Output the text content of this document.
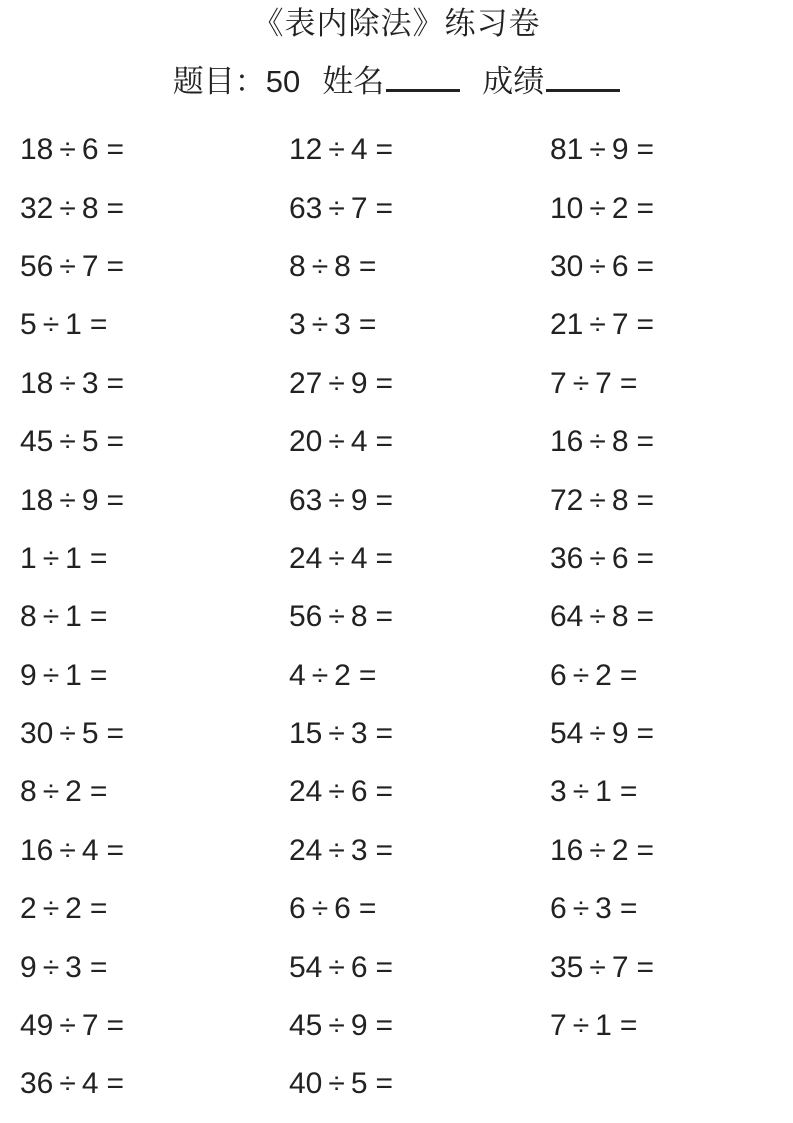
《表内除法》练习卷
题目：50 姓名	成绩
18 ÷ 6 =	12 ÷ 4 =	81 ÷ 9 =
32 ÷ 8 =	63 ÷ 7 =	10 ÷ 2 =
56 ÷ 7 =	8 ÷ 8 =	30 ÷ 6 =
5 ÷ 1 =	3 ÷ 3 =	21 ÷ 7 =
18 ÷ 3 =	27 ÷ 9 =	7 ÷ 7 =
45 ÷ 5 =	20 ÷ 4 =	16 ÷ 8 =
18 ÷ 9 =	63 ÷ 9 =	72 ÷ 8 =
1 ÷ 1 =	24 ÷ 4 =	36 ÷ 6 =
8 ÷ 1 =	56 ÷ 8 =	64 ÷ 8 =
9 ÷ 1 =	4 ÷ 2 =	6 ÷ 2 =
30 ÷ 5 =	15 ÷ 3 =	54 ÷ 9 =
8 ÷ 2 =	24 ÷ 6 =	3 ÷ 1 =
16 ÷ 4 =	24 ÷ 3 =	16 ÷ 2 =
2 ÷ 2 =	6 ÷ 6 =	6 ÷ 3 =
9 ÷ 3 =	54 ÷ 6 =	35 ÷ 7 =
49 ÷ 7 =	45 ÷ 9 =	7 ÷ 1 =
36 ÷ 4 =	40 ÷ 5 =
